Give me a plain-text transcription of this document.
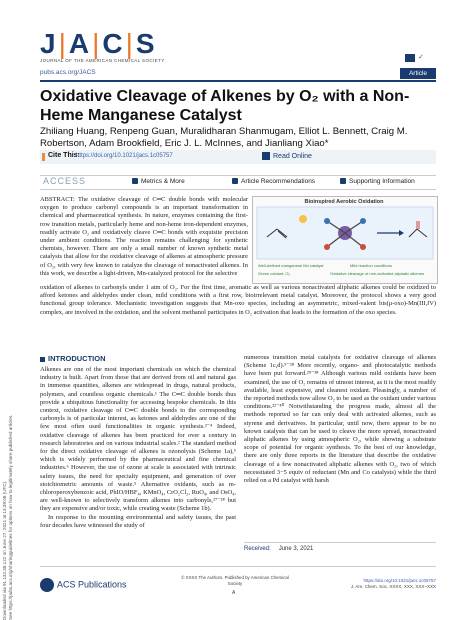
Downloaded via 91.132.38.122 on June 27, 2021 at 13:39:08 (UTC). See https://pubs.acs.org/sharingguidelines for options on how to legitimately share published articles.
J|A|C|S
JOURNAL OF THE AMERICAN CHEMICAL SOCIETY
pubs.acs.org/JACS
✓
Article
Oxidative Cleavage of Alkenes by O₂ with a Non-Heme Manganese Catalyst
Zhiliang Huang, Renpeng Guan, Muralidharan Shanmugam, Elliot L. Bennett, Craig M. Robertson, Adam Brookfield, Eric J. L. McInnes, and Jianliang Xiao*
Cite This:
https://doi.org/10.1021/jacs.1c05757	Read Online
ACCESS	Metrics & More	Article Recommendations	Supporting Information
ABSTRACT: The oxidative cleavage of C═C double bonds with molecular oxygen to produce carbonyl compounds is an important transformation in chemical and pharmaceutical synthesis. In nature, enzymes containing the first-row transition metals, particularly heme and non-heme iron-dependent enzymes, readily activate O₂ and oxidatively cleave C═C bonds with exquisite precision under ambient conditions. The reaction remains challenging for synthetic chemists, however. There are only a small number of known synthetic metal catalysts that allow for the oxidative cleavage of alkenes at atmospheric pressure of O₂, with very few known to catalyze the cleavage of nonactivated alkenes. In this work, we describe a light-driven, Mn-catalyzed protocol for the selective
Bioinspired Aerobic Oxidation
Well-defined manganese Mn catalyst	Mild reaction conditions
Green oxidant: O₂	Oxidative cleavage of non-activated aliphatic alkenes
oxidation of alkenes to carbonyls under 1 atm of O₂. For the first time, aromatic as well as various nonactivated aliphatic alkenes could be oxidized to afford ketones and aldehydes under clean, mild conditions with a first row, bioirrelevant metal catalyst. Moreover, the protocol shows a very good functional group tolerance. Mechanistic investigation suggests that Mn-oxo species, including an asymmetric, mixed-valent bis(μ-oxo)-Mn(III,IV) complex, are involved in the oxidation, and the solvent methanol participates in O₂ activation that leads to the formation of the oxo species.
INTRODUCTION
Alkenes are one of the most important chemicals on which the chemical industry is built. Apart from those that are derived from oil and natural gas in immense quantities, alkenes are widespread in drugs, natural products, polymers, and countless organic chemicals.¹ The C═C double bonds thus provide a ubiquitous functionality for accessing bespoke chemicals. In this context, oxidative cleavage of C═C double bonds to the corresponding carbonyls is of particular interest, as ketones and aldehydes are one of the few most often used functionalities in organic synthesis.²⁻⁴ Indeed, oxidative cleavage of alkenes has been practiced for over a century in research laboratories and on various industrial scales.² The standard method for the direct oxidative cleavage of alkenes is ozonolysis (Scheme 1a),⁵ which is widely performed by the pharmaceutical and fine chemical industries.⁶ However, the use of ozone at scale is associated with intrinsic safety issues, the need for specialty equipment, and generation of over stoichiometric amounts of waste.⁵ Alternative oxidants, such as m-chloroperoxybenzoic acid, PhIO/HBF₄, KMnO₄, CrO₂Cl₂, RuO₄, and OsO₄, are well-known to selectively transform alkenes into carbonyls,²⁷⁻²⁸ but they are expensive and/or toxic, while creating waste (Scheme 1b).
In response to the mounting environmental and safety issues, the past four decades have witnessed the study of
numerous transition metal catalysts for oxidative cleavage of alkenes (Scheme 1c,d).⁹⁻²⁸ More recently, organo- and photocatalytic methods have been put forward.²⁹⁻³⁸ Although various mild oxidants have been examined, the use of O₂ remains of utmost interest, as it is the most readily available, least expensive, and cleanest oxidant. Pleasingly, a number of the reported methods now allow O₂ to be used as the oxidant under various conditions.²²⁻⁴⁰ Notwithstanding the progress made, almost all the methods reported so far can only deal with activated alkenes, such as styrene and derivatives. In particular, until now, there appear to be no known catalysts that can be used to cleave the more spread, nonactivated aliphatic alkenes by using atmospheric O₂, while showing a substrate scope of potential for organic synthesis. To the best of our knowledge, there are only three reports in the literature that describe the oxidative cleavage of a few nonactivated aliphatic alkenes with O₂, two of which necessitated 3−5 equiv of reductant (Mn and Co catalysts) while the third relied on a Pd catalyst with harsh
Received: June 3, 2021
ACS Publications
© XXXX The Authors. Published by American Chemical Society
A
https://doi.org/10.1021/jacs.1c05757
J. Am. Chem. Soc. XXXX, XXX, XXX−XXX
